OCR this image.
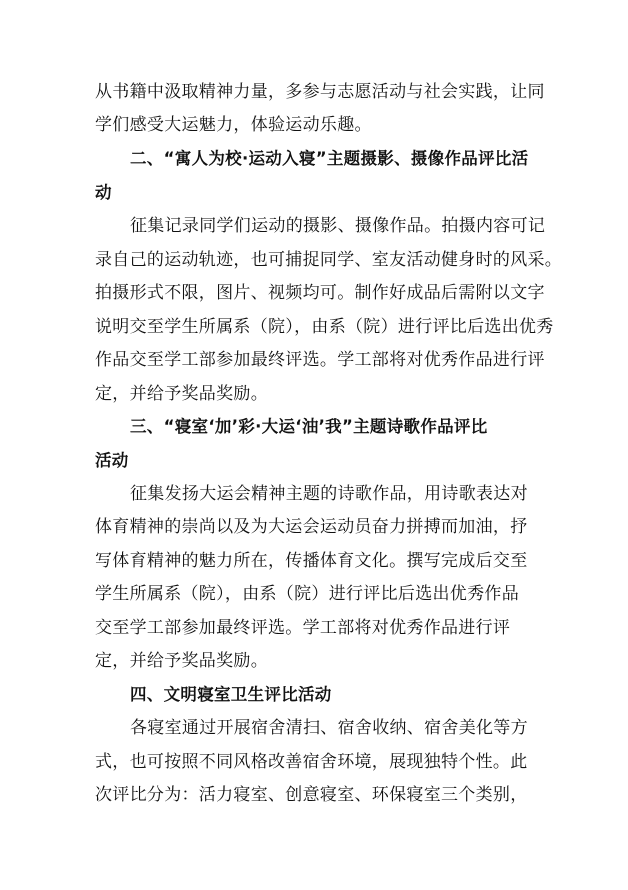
从书籍中汲取精神力量，多参与志愿活动与社会实践，让同
学们感受大运魅力，体验运动乐趣。
二、“寓人为校·运动入寝”主题摄影、摄像作品评比活
动
征集记录同学们运动的摄影、摄像作品。拍摄内容可记
录自己的运动轨迹，也可捕捉同学、室友活动健身时的风采。
拍摄形式不限，图片、视频均可。制作好成品后需附以文字
说明交至学生所属系（院），由系（院）进行评比后选出优秀
作品交至学工部参加最终评选。学工部将对优秀作品进行评
定，并给予奖品奖励。
三、“寝室‘加’彩·大运‘油’我”主题诗歌作品评比
活动
征集发扬大运会精神主题的诗歌作品，用诗歌表达对
体育精神的崇尚以及为大运会运动员奋力拼搏而加油，抒
写体育精神的魅力所在，传播体育文化。撰写完成后交至
学生所属系（院），由系（院）进行评比后选出优秀作品
交至学工部参加最终评选。学工部将对优秀作品进行评
定，并给予奖品奖励。
四、文明寝室卫生评比活动
各寝室通过开展宿舍清扫、宿舍收纳、宿舍美化等方
式，也可按照不同风格改善宿舍环境，展现独特个性。此
次评比分为：活力寝室、创意寝室、环保寝室三个类别，
